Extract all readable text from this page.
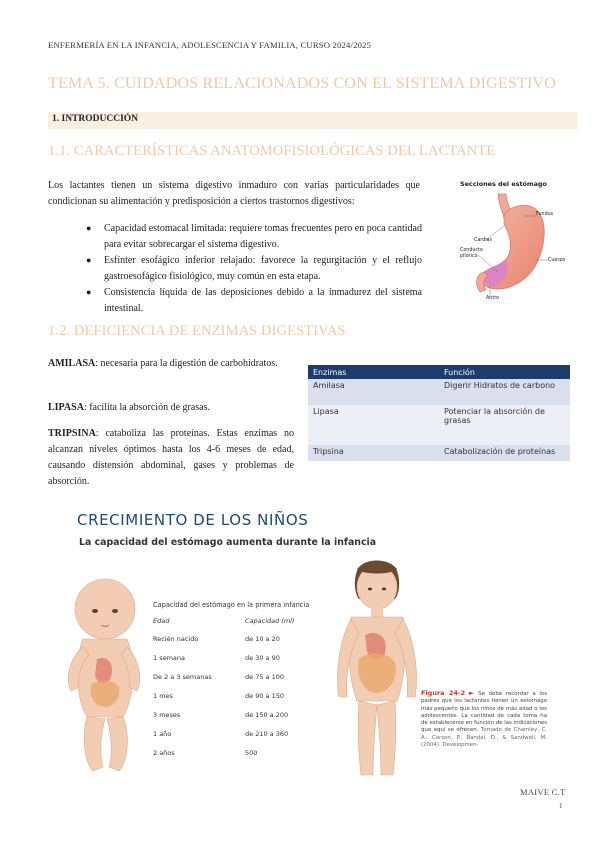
ENFERMERÍA EN LA INFANCIA, ADOLESCENCIA Y FAMILIA, CURSO 2024/2025
TEMA 5. CUIDADOS RELACIONADOS CON EL SISTEMA DIGESTIVO
1. INTRODUCCIÓN
1.1. CARACTERÍSTICAS ANATOMOFISIOLÓGICAS DEL LACTANTE

Los lactantes tienen un sistema digestivo inmaduro con varias particularidades que condicionan su alimentación y predisposición a ciertos trastornos digestivos:

● Capacidad estomacal limitada: requiere tomas frecuentes pero en poca cantidad para evitar sobrecargar el sistema digestivo.
● Esfínter esofágico inferior relajado: favorece la regurgitación y el reflujo gastroesofágico fisiológico, muy común en esta etapa.
● Consistencia líquida de las deposiciones debido a la inmadurez del sistema intestinal.
Secciones del estómago
Fundus
Cardias
Conducto pilórico
Cuerpo
Antro
1.2. DEFICIENCIA DE ENZIMAS DIGESTIVAS

AMILASA: necesaria para la digestión de carbohidratos.

LIPASA: facilita la absorción de grasas.

TRIPSINA: cataboliza las proteínas. Estas enzimas no alcanzan niveles óptimos hasta los 4-6 meses de edad, causando distensión abdominal, gases y problemas de absorción.

Enzimas	Función
Amilasa	Digerir Hidratos de carbono
Lipasa	Potenciar la absorción de grasas
Tripsina	Catabolización de proteínas
CRECIMIENTO DE LOS NIÑOS
La capacidad del estómago aumenta durante la infancia
Capacidad del estómago en la primera infancia
Edad	Capacidad (ml)
Recién nacido	de 10 a 20
1 semana	de 30 a 90
De 2 a 3 semanas	de 75 a 100
1 mes	de 90 a 150
3 meses	de 150 a 200
1 año	de 210 a 360
2 años	500
Figura 24-2 ► Se debe recordar a los padres que los lactantes tienen un estómago más pequeño que los niños de más edad o los adolescentes. La cantidad de cada toma ha de establecerse en función de las indicaciones que aquí se ofrecen. Tomado de Chamley, C. A., Carson, P., Randal, D., & Sandwell, M. (2004). Developmen-
MAIVE C.T
1
